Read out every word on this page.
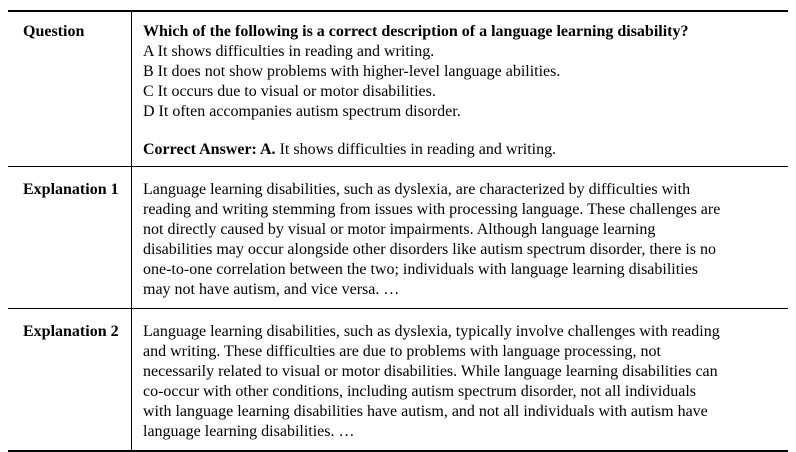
Question	Which of the following is a correct description of a language learning disability?
A It shows difficulties in reading and writing.
B It does not show problems with higher-level language abilities.
C It occurs due to visual or motor disabilities.
D It often accompanies autism spectrum disorder.
Correct Answer: A. It shows difficulties in reading and writing.
Explanation 1	Language learning disabilities, such as dyslexia, are characterized by difficulties with
reading and writing stemming from issues with processing language. These challenges are
not directly caused by visual or motor impairments. Although language learning
disabilities may occur alongside other disorders like autism spectrum disorder, there is no
one-to-one correlation between the two; individuals with language learning disabilities
may not have autism, and vice versa. …
Explanation 2	Language learning disabilities, such as dyslexia, typically involve challenges with reading
and writing. These difficulties are due to problems with language processing, not
necessarily related to visual or motor disabilities. While language learning disabilities can
co-occur with other conditions, including autism spectrum disorder, not all individuals
with language learning disabilities have autism, and not all individuals with autism have
language learning disabilities. …
